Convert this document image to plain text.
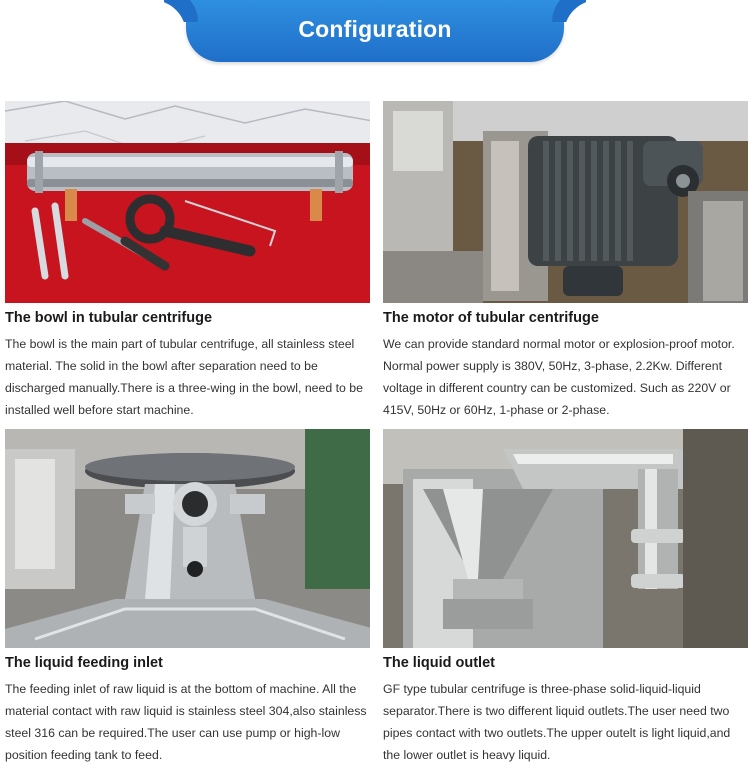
Configuration
The bowl in tubular centrifuge
The bowl is the main part of tubular centrifuge, all stainless steel material. The solid in the bowl after separation need to be discharged manually.There is a three-wing in the bowl, need to be installed well before start machine.
The motor of tubular centrifuge
We can provide standard normal motor or explosion-proof motor. Normal power supply is 380V, 50Hz, 3-phase, 2.2Kw. Different voltage in different country can be customized. Such as 220V or 415V, 50Hz or 60Hz, 1-phase or 2-phase.
The liquid feeding inlet
The feeding inlet of raw liquid is at the bottom of machine. All the material contact with raw liquid is stainless steel 304,also stainless steel 316 can be required.The user can use pump or high-low position feeding tank to feed.
The liquid outlet
GF type tubular centrifuge is three-phase solid-liquid-liquid separator.There is two different liquid outlets.The user need two pipes contact with two outlets.The upper outelt is light liquid,and the lower outlet is heavy liquid.
